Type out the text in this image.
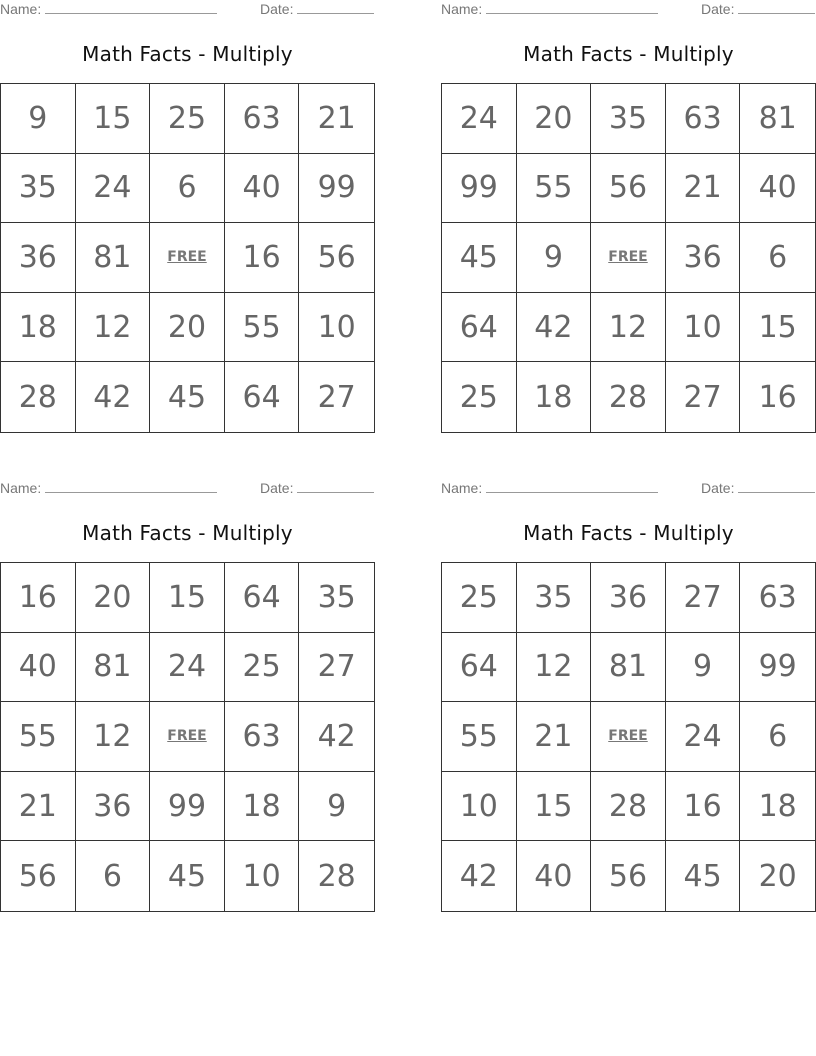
Name:	Date:
Math Facts - Multiply
9	15	25	63	21
35	24	6	40	99
36	81	FREE	16	56
18	12	20	55	10
28	42	45	64	27
Name:	Date:
Math Facts - Multiply
24	20	35	63	81
99	55	56	21	40
45	9	FREE	36	6
64	42	12	10	15
25	18	28	27	16
Name:	Date:
Math Facts - Multiply
16	20	15	64	35
40	81	24	25	27
55	12	FREE	63	42
21	36	99	18	9
56	6	45	10	28
Name:	Date:
Math Facts - Multiply
25	35	36	27	63
64	12	81	9	99
55	21	FREE	24	6
10	15	28	16	18
42	40	56	45	20
